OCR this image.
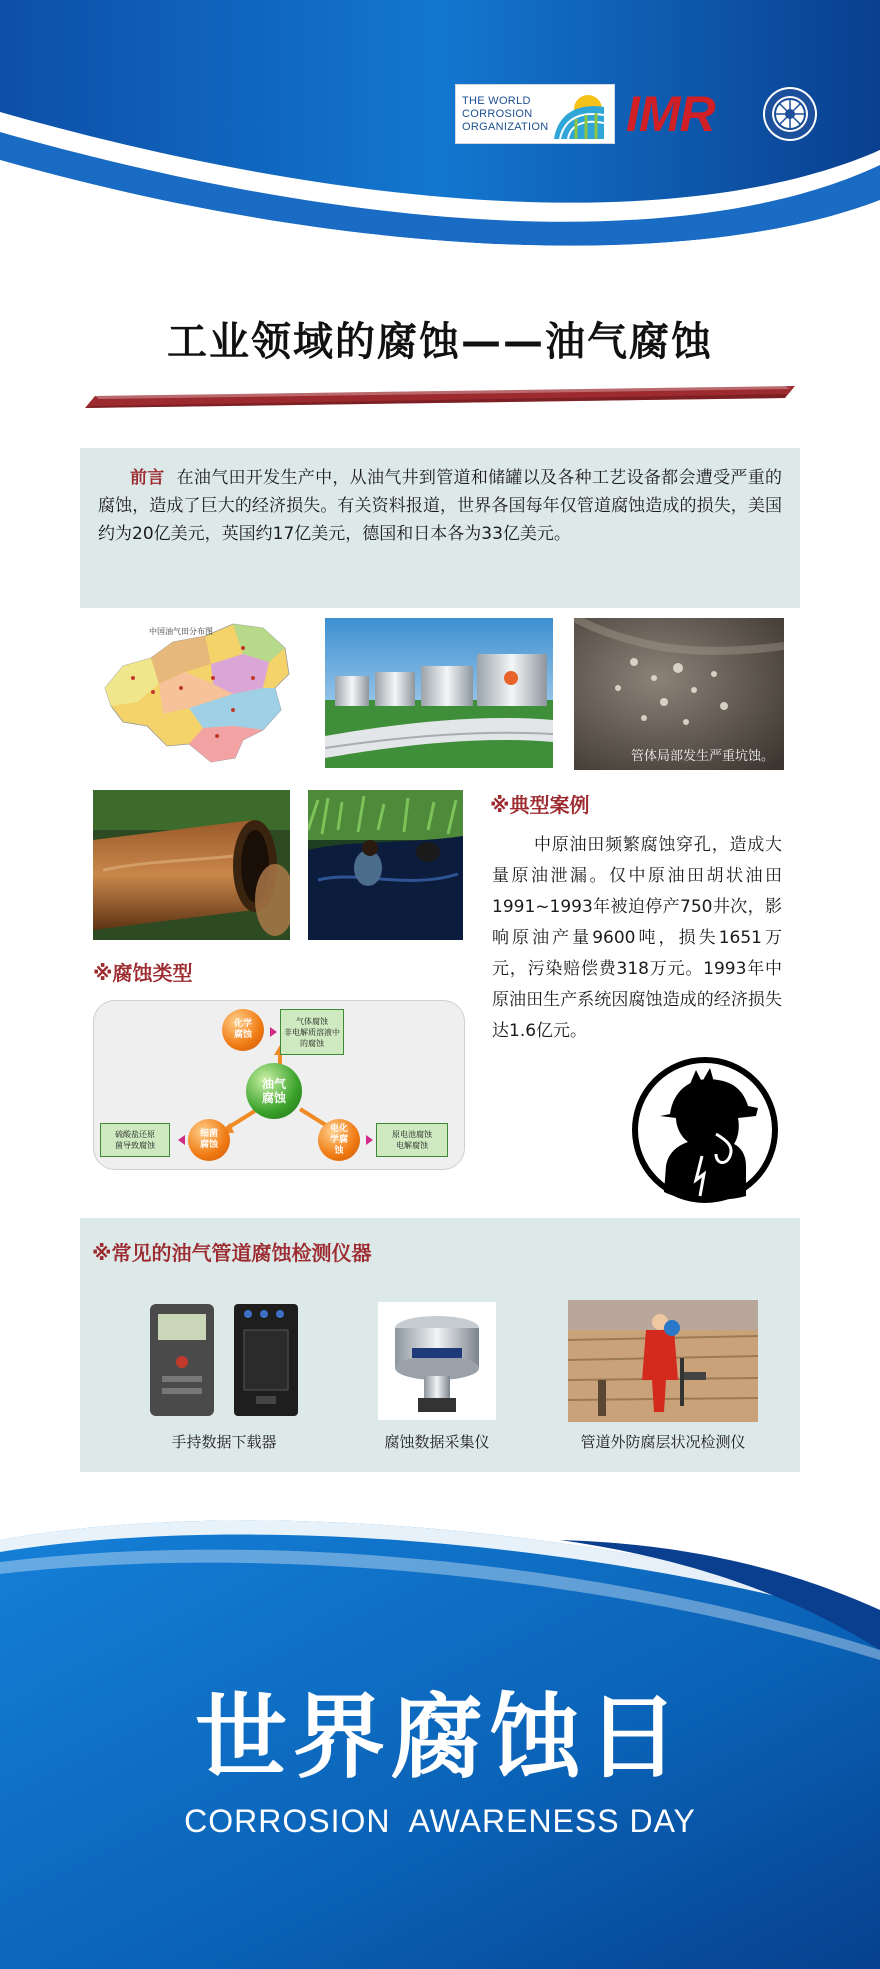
THE WORLD
CORROSION
ORGANIZATION IMR
工业领域的腐蚀——油气腐蚀

前言 在油气田开发生产中，从油气井到管道和储罐以及各种工艺设备都会遭受严重的腐蚀，造成了巨大的经济损失。有关资料报道，世界各国每年仅管道腐蚀造成的损失，美国约为20亿美元，英国约17亿美元，德国和日本各为33亿美元。

中国油气田分布图
管体局部发生严重坑蚀。
※典型案例

中原油田频繁腐蚀穿孔，造成大量原油泄漏。仅中原油田胡状油田1991~1993年被迫停产750井次，影响原油产量9600吨，损失1651万元，污染赔偿费318万元。1993年中原油田生产系统因腐蚀造成的经济损失达1.6亿元。

※腐蚀类型
油气腐蚀
化学腐蚀
电化学腐蚀
细菌腐蚀
气体腐蚀
非电解质溶液中的腐蚀
原电池腐蚀
电解腐蚀
硫酸盐还原
菌导致腐蚀
※常见的油气管道腐蚀检测仪器
手持数据下载器	腐蚀数据采集仪	管道外防腐层状况检测仪
世界腐蚀日
CORROSION  AWARENESS DAY
